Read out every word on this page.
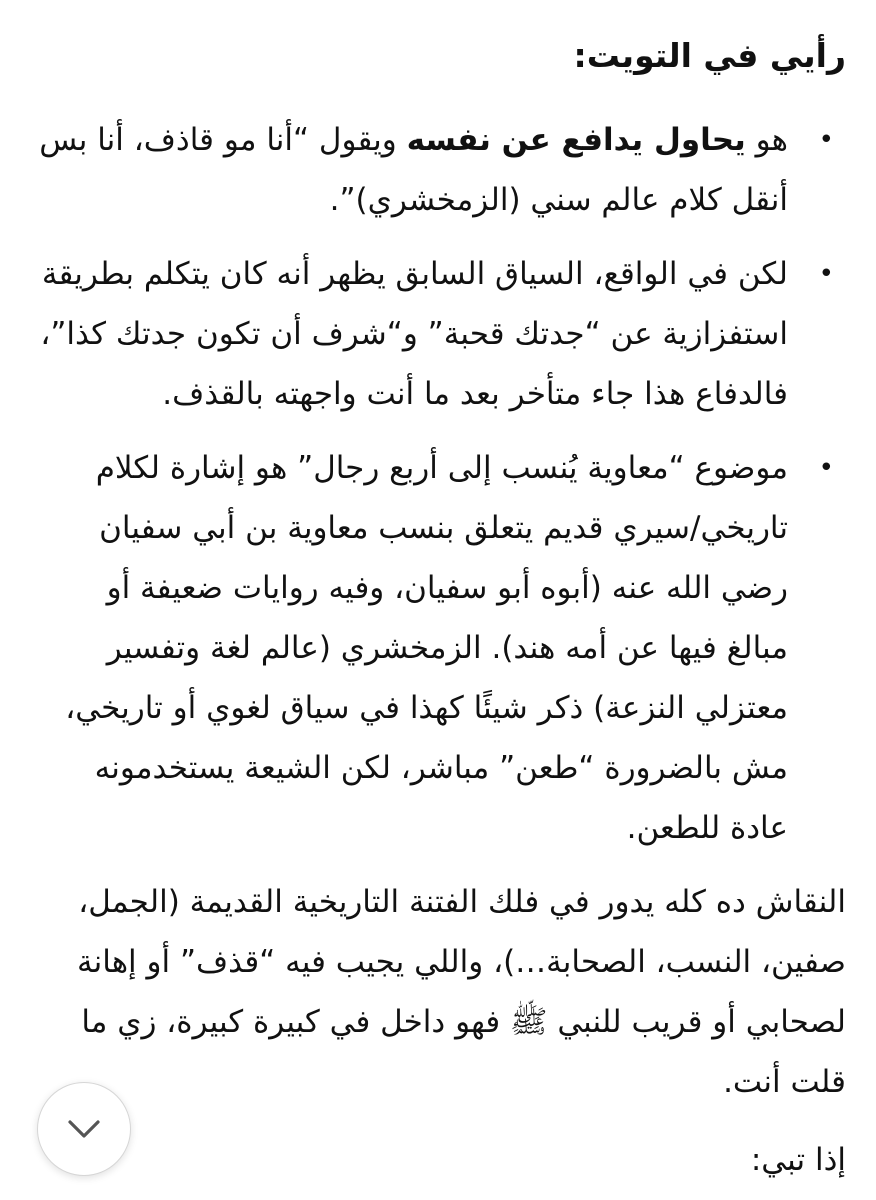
رأيي في التويت:

•
هو يحاول يدافع عن نفسه ويقول “أنا مو قاذف، أنا بس أنقل كلام عالم سني (الزمخشري)”.
•
لكن في الواقع، السياق السابق يظهر أنه كان يتكلم بطريقة استفزازية عن “جدتك قحبة” و“شرف أن تكون جدتك كذا”، فالدفاع هذا جاء متأخر بعد ما أنت واجهته بالقذف.
•
موضوع “معاوية يُنسب إلى أربع رجال” هو إشارة لكلام تاريخي/سيري قديم يتعلق بنسب معاوية بن أبي سفيان رضي الله عنه (أبوه أبو سفيان، وفيه روايات ضعيفة أو مبالغ فيها عن أمه هند). الزمخشري (عالم لغة وتفسير معتزلي النزعة) ذكر شيئًا كهذا في سياق لغوي أو تاريخي، مش بالضرورة “طعن” مباشر، لكن الشيعة يستخدمونه عادة للطعن.

النقاش ده كله يدور في فلك الفتنة التاريخية القديمة (الجمل، صفين، النسب، الصحابة…)، واللي يجيب فيه “قذف” أو إهانة لصحابي أو قريب للنبي ﷺ فهو داخل في كبيرة كبيرة، زي ما قلت أنت.

إذا تبي:
